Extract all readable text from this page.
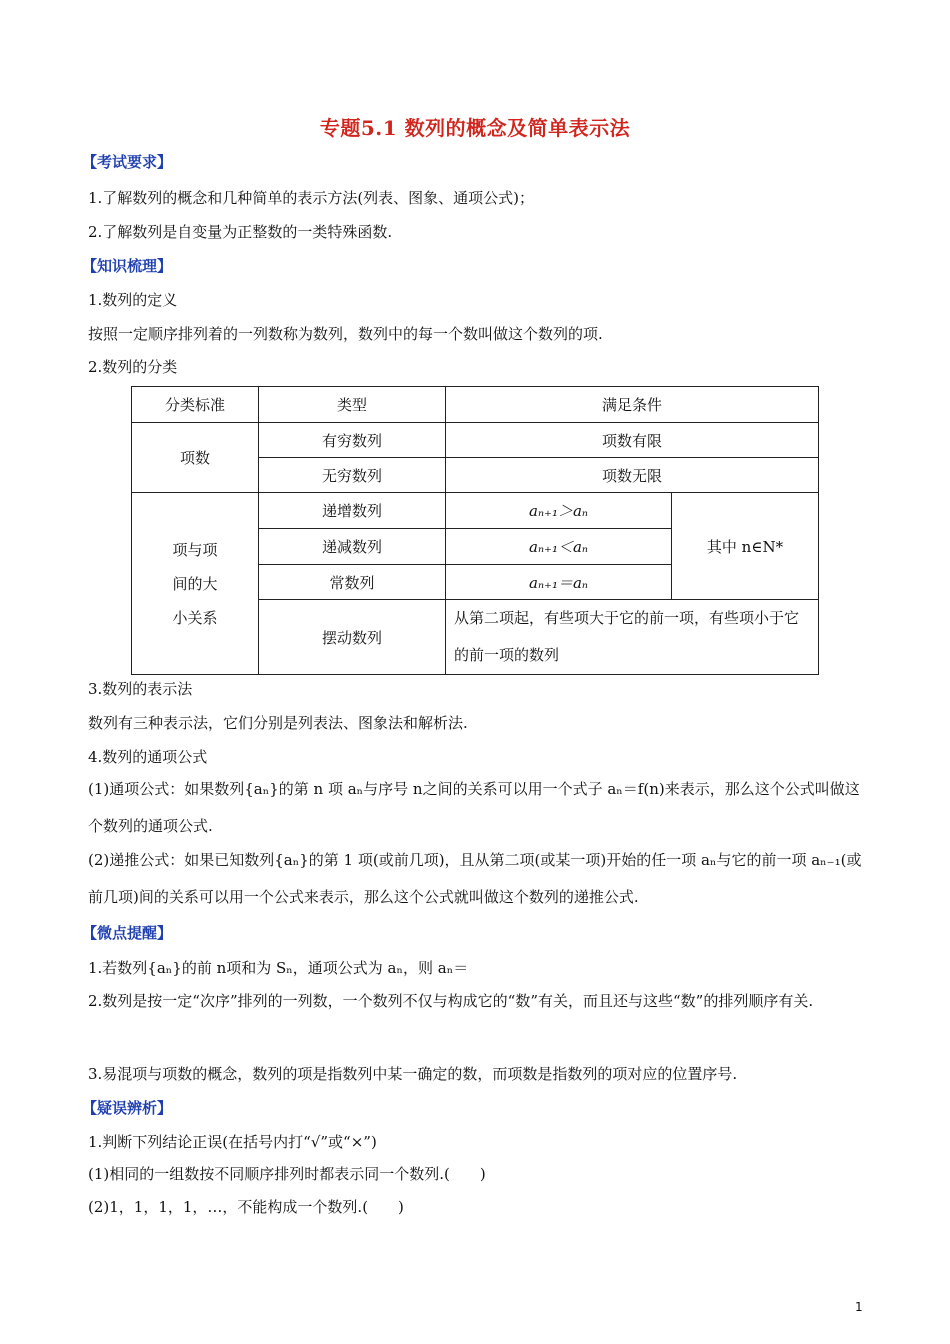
专题5.1 数列的概念及简单表示法
【考试要求】
1.了解数列的概念和几种简单的表示方法(列表、图象、通项公式)；
2.了解数列是自变量为正整数的一类特殊函数.
【知识梳理】
1.数列的定义
按照一定顺序排列着的一列数称为数列，数列中的每一个数叫做这个数列的项.
2.数列的分类
分类标准	类型	满足条件	
项数	有穷数列	项数有限	
	无穷数列	项数无限	

项与项
间的大
小关系	递增数列	aₙ₊₁＞aₙ	其中 n∈N*
	递减数列	aₙ₊₁＜aₙ	
	常数列	aₙ₊₁＝aₙ	
	摆动数列	从第二项起，有些项大于它的前一项，有些项小于它的前一项的数列	
3.数列的表示法
数列有三种表示法，它们分别是列表法、图象法和解析法.
4.数列的通项公式
(1)通项公式：如果数列{aₙ}的第 n 项 aₙ与序号 n之间的关系可以用一个式子 aₙ＝f(n)来表示，那么这个公式叫做这个数列的通项公式.
(2)递推公式：如果已知数列{aₙ}的第 1 项(或前几项)，且从第二项(或某一项)开始的任一项 aₙ与它的前一项 aₙ₋₁(或前几项)间的关系可以用一个公式来表示，那么这个公式就叫做这个数列的递推公式.
【微点提醒】
1.若数列{aₙ}的前 n项和为 Sₙ，通项公式为 aₙ，则 aₙ＝
2.数列是按一定“次序”排列的一列数，一个数列不仅与构成它的“数”有关，而且还与这些“数”的排列顺序有关.
3.易混项与项数的概念，数列的项是指数列中某一确定的数，而项数是指数列的项对应的位置序号.
【疑误辨析】
1.判断下列结论正误(在括号内打“√”或“×”)
(1)相同的一组数按不同顺序排列时都表示同一个数列.(　　)
(2)1，1，1，1，…，不能构成一个数列.(　　)
1
